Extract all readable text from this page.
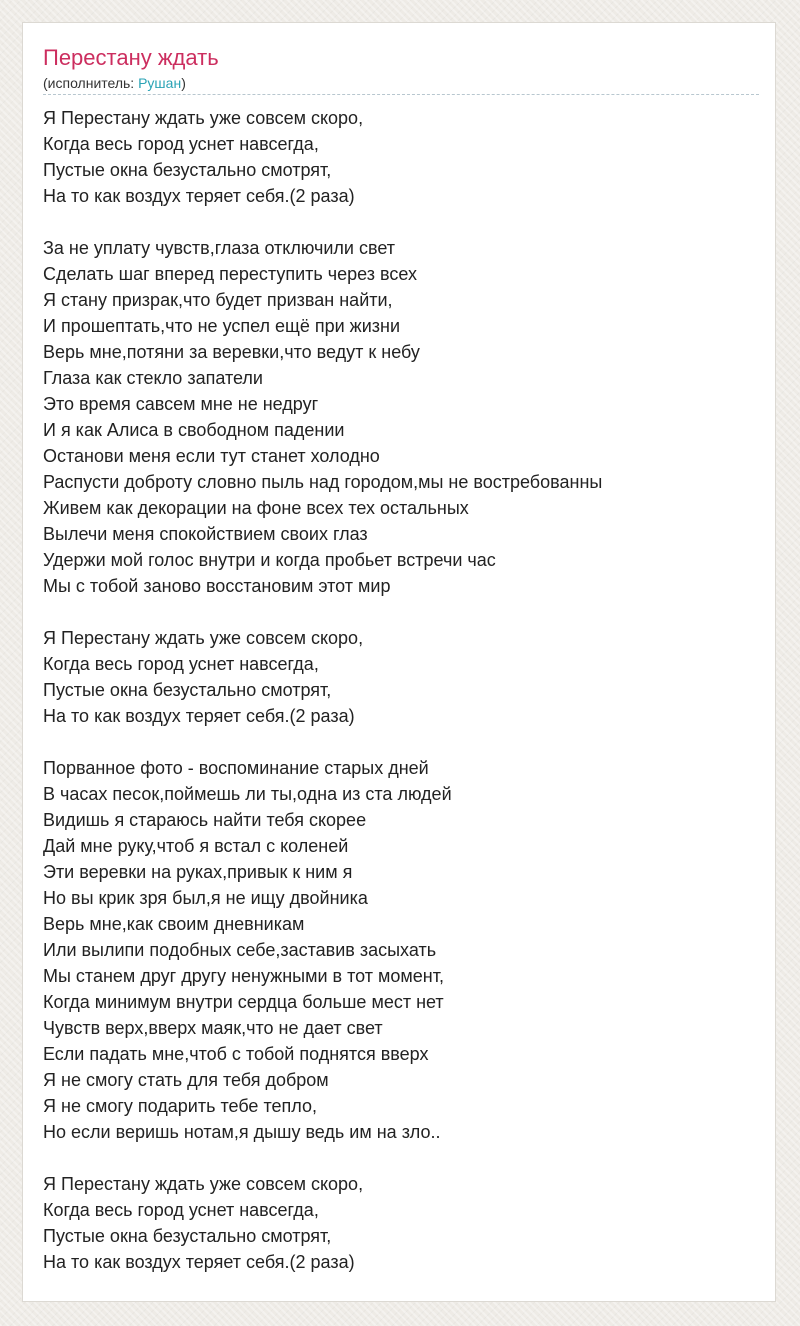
Перестану ждать
(исполнитель: Рушан)
Я Перестану ждать уже совсем скоро,
Когда весь город уснет навсегда,
Пустые окна безустально смотрят,
На то как воздух теряет себя.(2 раза)
За не уплату чувств,глаза отключили свет
Сделать шаг вперед переступить через всех
Я стану призрак,что будет призван найти,
И прошептать,что не успел ещё при жизни
Верь мне,потяни за веревки,что ведут к небу
Глаза как стекло запатели
Это время савсем мне не недруг
И я как Алиса в свободном падении
Останови меня если тут станет холодно
Распусти доброту словно пыль над городом,мы не востребованны
Живем как декорации на фоне всех тех остальных
Вылечи меня спокойствием своих глаз
Удержи мой голос внутри и когда пробьет встречи час
Мы с тобой заново восстановим этот мир
Я Перестану ждать уже совсем скоро,
Когда весь город уснет навсегда,
Пустые окна безустально смотрят,
На то как воздух теряет себя.(2 раза)
Порванное фото - воспоминание старых дней
В часах песок,поймешь ли ты,одна из ста людей
Видишь я стараюсь найти тебя скорее
Дай мне руку,чтоб я встал с коленей
Эти веревки на руках,привык к ним я
Но вы крик зря был,я не ищу двойника
Верь мне,как своим дневникам
Или вылипи подобных себе,заставив засыхать
Мы станем друг другу ненужными в тот момент,
Когда минимум внутри сердца больше мест нет
Чувств верх,вверх маяк,что не дает свет
Если падать мне,чтоб с тобой поднятся вверх
Я не смогу стать для тебя добром
Я не смогу подарить тебе тепло,
Но если веришь нотам,я дышу ведь им на зло..
Я Перестану ждать уже совсем скоро,
Когда весь город уснет навсегда,
Пустые окна безустально смотрят,
На то как воздух теряет себя.(2 раза)
